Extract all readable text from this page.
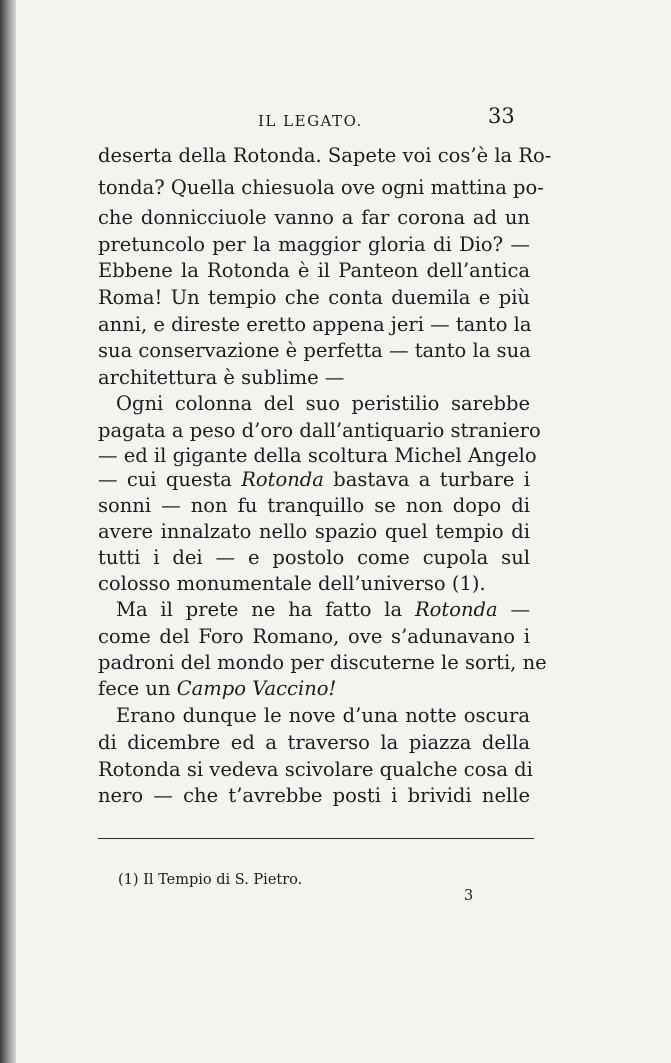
IL LEGATO.	33
deserta della Rotonda. Sapete voi cos’è la Ro-
tonda? Quella chiesuola ove ogni mattina po-
che donnicciuole vanno a far corona ad un
pretuncolo per la maggior gloria di Dio? —
Ebbene la Rotonda è il Panteon dell’antica
Roma! Un tempio che conta duemila e più
anni, e direste eretto appena jeri — tanto la
sua conservazione è perfetta — tanto la sua
architettura è sublime —
Ogni colonna del suo peristilio sarebbe
pagata a peso d’oro dall’antiquario straniero
— ed il gigante della scoltura Michel Angelo
— cui questa Rotonda bastava a turbare i
sonni — non fu tranquillo se non dopo di
avere innalzato nello spazio quel tempio di
tutti i dei — e postolo come cupola sul
colosso monumentale dell’universo (1).
Ma il prete ne ha fatto la Rotonda —
come del Foro Romano, ove s’adunavano i
padroni del mondo per discuterne le sorti, ne
fece un Campo Vaccino!
Erano dunque le nove d’una notte oscura
di dicembre ed a traverso la piazza della
Rotonda si vedeva scivolare qualche cosa di
nero — che t’avrebbe posti i brividi nelle
(1) Il Tempio di S. Pietro.
3
